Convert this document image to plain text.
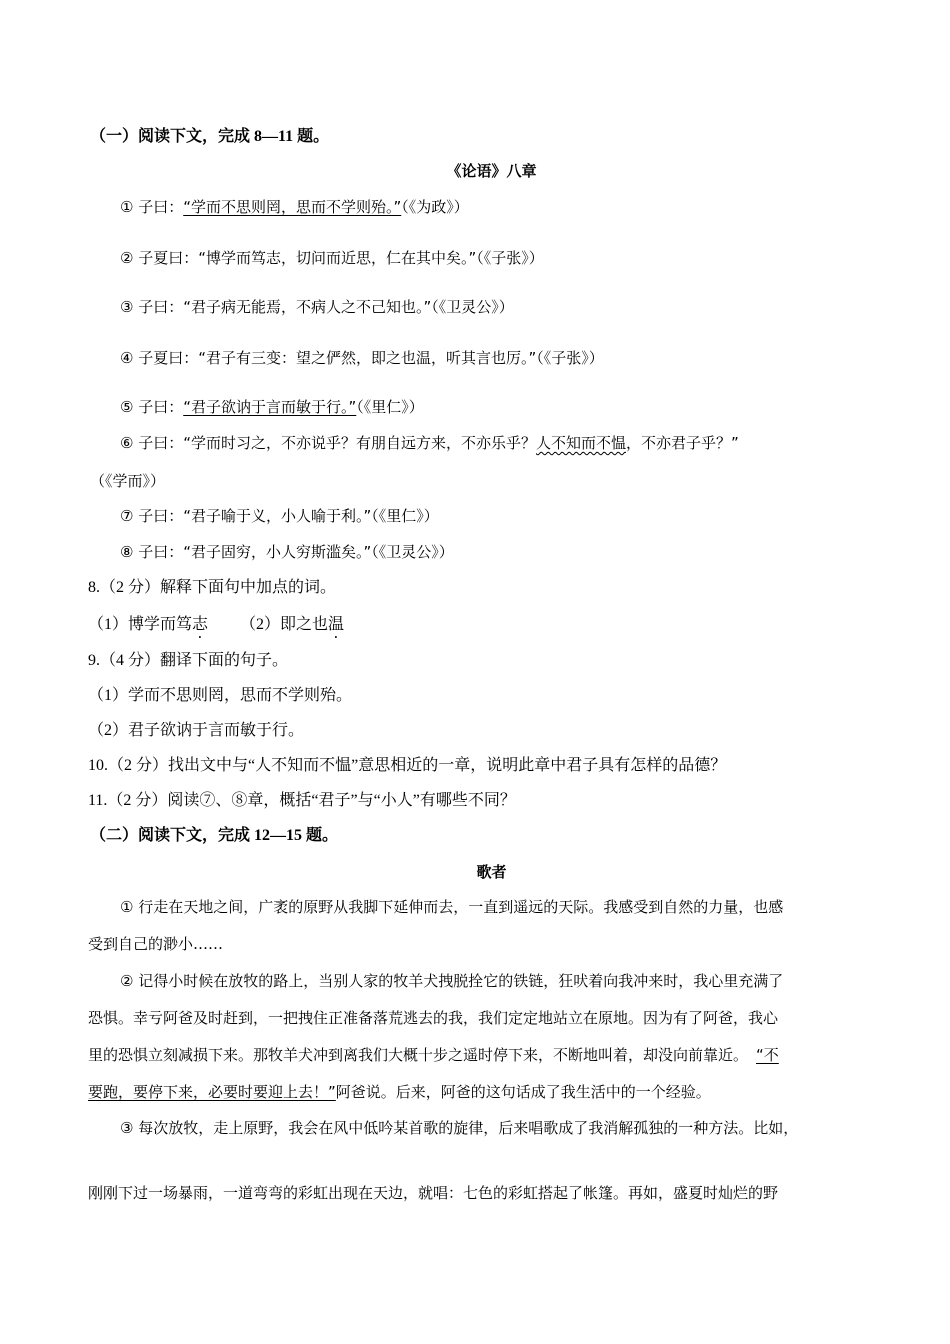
（一）阅读下文，完成 8—11 题。
《论语》八章
① 子曰：“学而不思则罔，思而不学则殆。”（《为政》）
② 子夏曰：“博学而笃志，切问而近思，仁在其中矣。”（《子张》）
③ 子曰：“君子病无能焉，不病人之不己知也。”（《卫灵公》）
④ 子夏曰：“君子有三变：望之俨然，即之也温，听其言也厉。”（《子张》）
⑤ 子曰：“君子欲讷于言而敏于行。”（《里仁》）
⑥ 子曰：“学而时习之，不亦说乎？有朋自远方来，不亦乐乎？人不知而不愠，不亦君子乎？”
（《学而》）
⑦ 子曰：“君子喻于义，小人喻于利。”（《里仁》）
⑧ 子曰：“君子固穷，小人穷斯滥矣。”（《卫灵公》）
8.（2 分）解释下面句中加点的词。
（1）博学而笃志 （2）即之也温
9.（4 分）翻译下面的句子。
（1）学而不思则罔，思而不学则殆。
（2）君子欲讷于言而敏于行。
10.（2 分）找出文中与“人不知而不愠”意思相近的一章，说明此章中君子具有怎样的品德？
11.（2 分）阅读⑦、⑧章，概括“君子”与“小人”有哪些不同？
（二）阅读下文，完成 12—15 题。
歌者
① 行走在天地之间，广袤的原野从我脚下延伸而去，一直到遥远的天际。我感受到自然的力量，也感
受到自己的渺小……
② 记得小时候在放牧的路上，当别人家的牧羊犬拽脱拴它的铁链，狂吠着向我冲来时，我心里充满了
恐惧。幸亏阿爸及时赶到，一把拽住正准备落荒逃去的我，我们定定地站立在原地。因为有了阿爸，我心
里的恐惧立刻减损下来。那牧羊犬冲到离我们大概十步之遥时停下来，不断地叫着，却没向前靠近。 “不
要跑，要停下来，必要时要迎上去！”阿爸说。后来，阿爸的这句话成了我生活中的一个经验。
③ 每次放牧，走上原野，我会在风中低吟某首歌的旋律，后来唱歌成了我消解孤独的一种方法。比如，
刚刚下过一场暴雨，一道弯弯的彩虹出现在天边，就唱：七色的彩虹搭起了帐篷。再如，盛夏时灿烂的野
